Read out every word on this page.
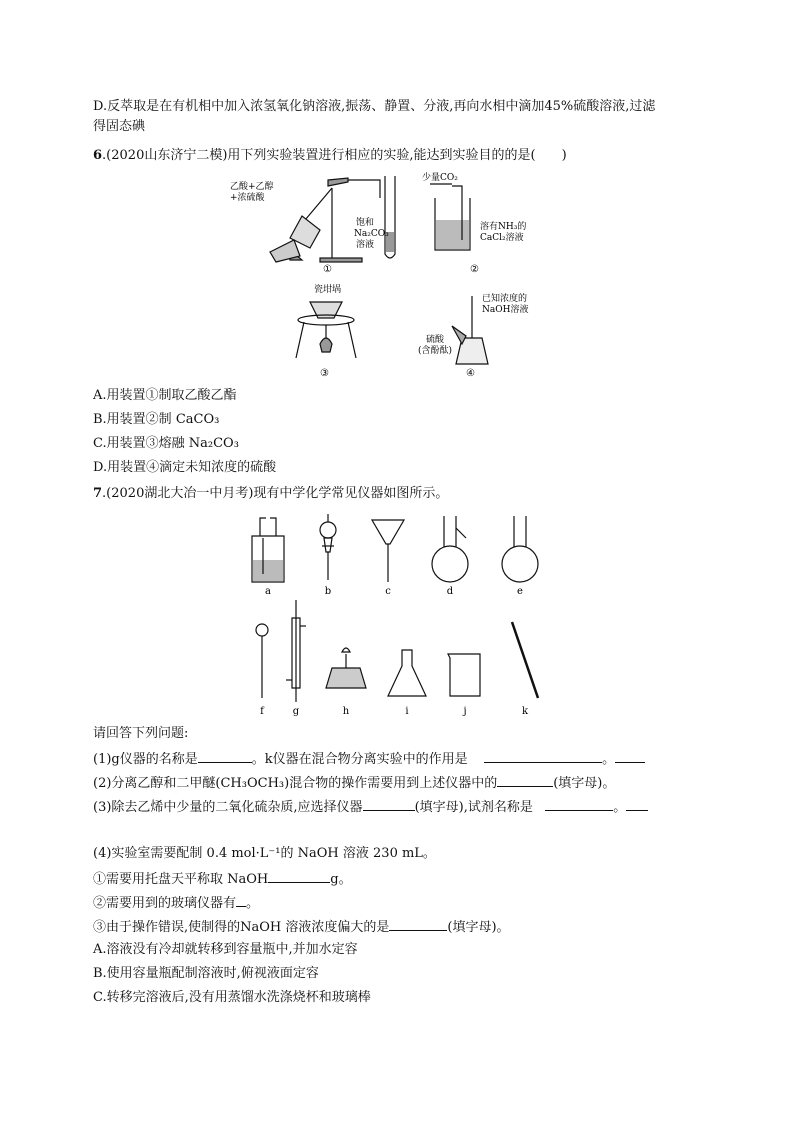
D.反萃取是在有机相中加入浓氢氧化钠溶液,振荡、静置、分液,再向水相中滴加45%硫酸溶液,过滤
得固态碘
6.(2020山东济宁二模)用下列实验装置进行相应的实验,能达到实验目的的是(　　)
乙酸+乙醇
+浓硫酸
饱和
Na₂CO₃
溶液
①
少量CO₂
溶有NH₃的
CaCl₂溶液
②
瓷坩埚
③
已知浓度的
NaOH溶液
硫酸
(含酚酞)
④
A.用装置①制取乙酸乙酯
B.用装置②制 CaCO₃
C.用装置③熔融 Na₂CO₃
D.用装置④滴定未知浓度的硫酸
7.(2020湖北大冶一中月考)现有中学化学常见仪器如图所示。
a	b	c	d	e
f	g	h	i	j	k
请回答下列问题:
(1)g仪器的名称是	。k仪器在混合物分离实验中的作用是	。
(2)分离乙醇和二甲醚(CH₃OCH₃)混合物的操作需要用到上述仪器中的	(填字母)。
(3)除去乙烯中少量的二氧化硫杂质,应选择仪器	(填字母),试剂名称是	。
(4)实验室需要配制 0.4 mol·L⁻¹的 NaOH 溶液 230 mL。
①需要用托盘天平称取 NaOH	g。
②需要用到的玻璃仪器有 。
③由于操作错误,使制得的NaOH 溶液浓度偏大的是	(填字母)。
A.溶液没有冷却就转移到容量瓶中,并加水定容
B.使用容量瓶配制溶液时,俯视液面定容
C.转移完溶液后,没有用蒸馏水洗涤烧杯和玻璃棒
